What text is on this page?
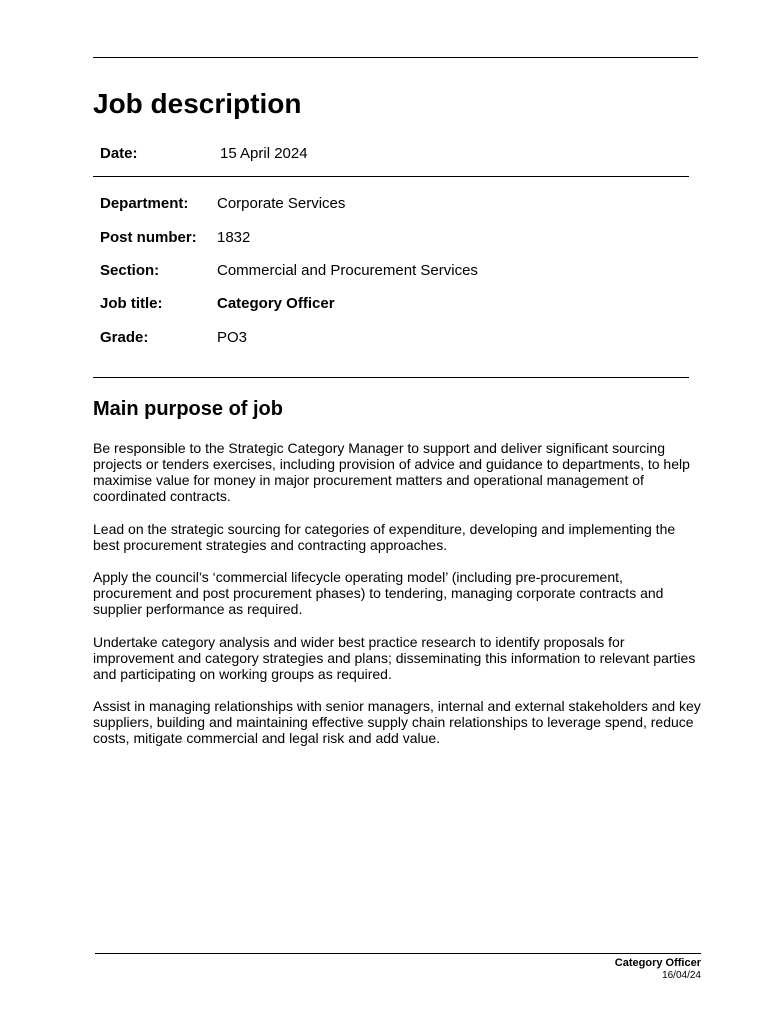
Job description
Date:	15 April 2024
Department: Corporate Services
Post number: 1832
Section:	Commercial and Procurement Services
Job title:	Category Officer
Grade:	PO3
Main purpose of job

Be responsible to the Strategic Category Manager to support and deliver significant sourcing projects or tenders exercises, including provision of advice and guidance to departments, to help maximise value for money in major procurement matters and operational management of coordinated contracts.

Lead on the strategic sourcing for categories of expenditure, developing and implementing the best procurement strategies and contracting approaches.

Apply the council’s ‘commercial lifecycle operating model’ (including pre-procurement, procurement and post procurement phases) to tendering, managing corporate contracts and supplier performance as required.

Undertake category analysis and wider best practice research to identify proposals for improvement and category strategies and plans; disseminating this information to relevant parties and participating on working groups as required.

Assist in managing relationships with senior managers, internal and external stakeholders and key suppliers, building and maintaining effective supply chain relationships to leverage spend, reduce costs, mitigate commercial and legal risk and add value.

Category Officer
16/04/24
